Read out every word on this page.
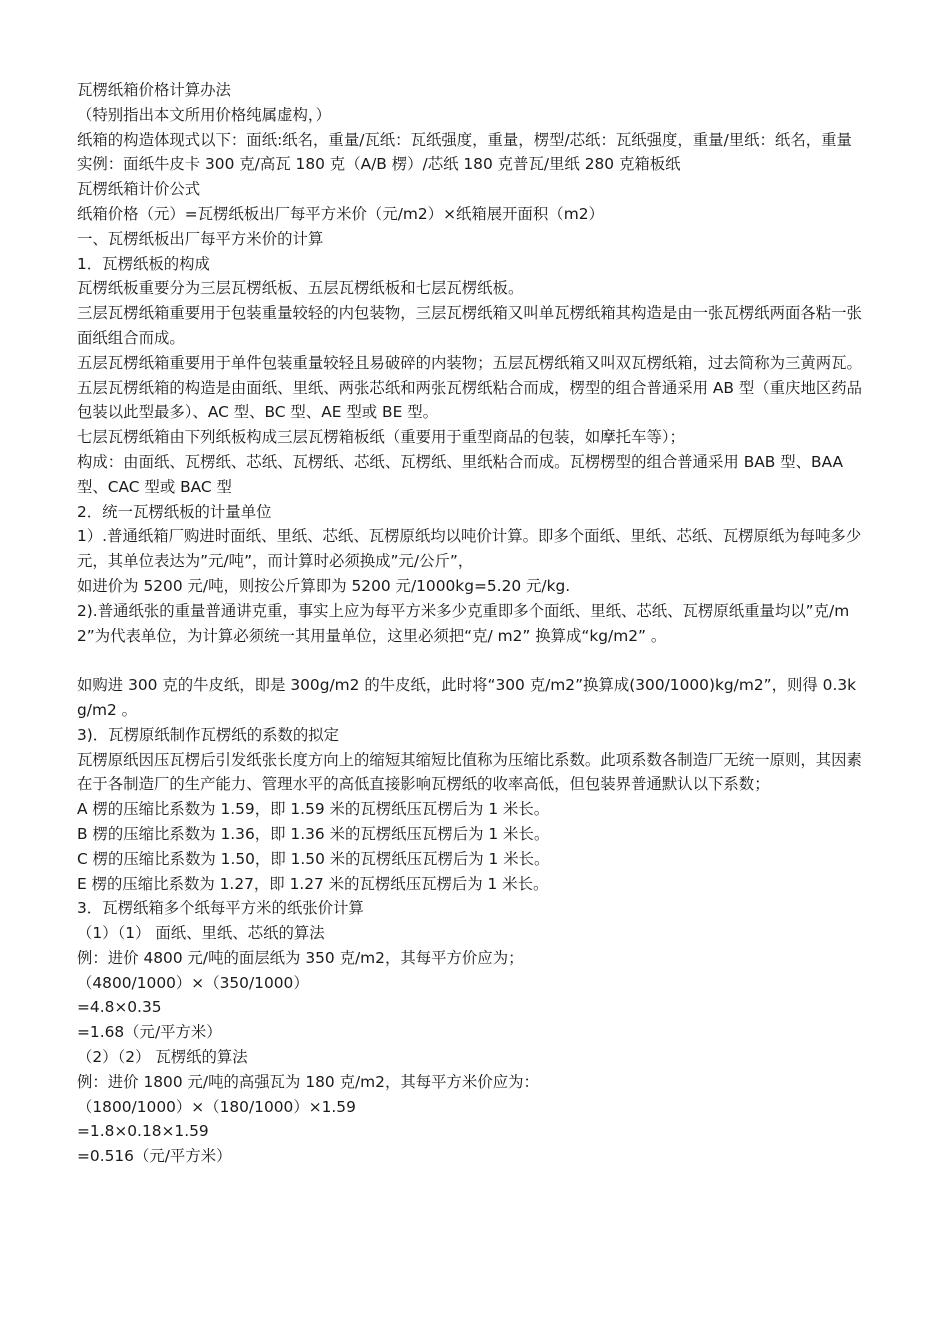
瓦楞纸箱价格计算办法

（特别指出本文所用价格纯属虚构，）

纸箱的构造体现式以下：面纸:纸名，重量/瓦纸：瓦纸强度，重量，楞型/芯纸：瓦纸强度，重量/里纸：纸名，重量

实例：面纸牛皮卡 300 克/高瓦 180 克（A/B 楞）/芯纸 180 克普瓦/里纸 280 克箱板纸

瓦楞纸箱计价公式

纸箱价格（元）=瓦楞纸板出厂每平方米价（元/m2）×纸箱展开面积（m2）

一、瓦楞纸板出厂每平方米价的计算

1．瓦楞纸板的构成

瓦楞纸板重要分为三层瓦楞纸板、五层瓦楞纸板和七层瓦楞纸板。

三层瓦楞纸箱重要用于包装重量较轻的内包装物，三层瓦楞纸箱又叫单瓦楞纸箱其构造是由一张瓦楞纸两面各粘一张面纸组合而成。

五层瓦楞纸箱重要用于单件包装重量较轻且易破碎的内装物；五层瓦楞纸箱又叫双瓦楞纸箱，过去简称为三黄两瓦。五层瓦楞纸箱的构造是由面纸、里纸、两张芯纸和两张瓦楞纸粘合而成，楞型的组合普通采用 AB 型（重庆地区药品包装以此型最多）、AC 型、BC 型、AE 型或 BE 型。

七层瓦楞纸箱由下列纸板构成三层瓦楞箱板纸（重要用于重型商品的包装，如摩托车等）；

构成：由面纸、瓦楞纸、芯纸、瓦楞纸、芯纸、瓦楞纸、里纸粘合而成。瓦楞楞型的组合普通采用 BAB 型、BAA 型、CAC 型或 BAC 型

2．统一瓦楞纸板的计量单位

1）.普通纸箱厂购进时面纸、里纸、芯纸、瓦楞原纸均以吨价计算。即多个面纸、里纸、芯纸、瓦楞原纸为每吨多少元，其单位表达为”元/吨”，而计算时必须换成”元/公斤”，

如进价为 5200 元/吨，则按公斤算即为 5200 元/1000kg=5.20 元/kg.

2).普通纸张的重量普通讲克重，事实上应为每平方米多少克重即多个面纸、里纸、芯纸、瓦楞原纸重量均以”克/m2”为代表单位，为计算必须统一其用量单位，这里必须把“克/ m2” 换算成“kg/m2” 。

如购进 300 克的牛皮纸，即是 300g/m2 的牛皮纸，此时将“300 克/m2”换算成(300/1000)kg/m2”，则得 0.3kg/m2 。

3)．瓦楞原纸制作瓦楞纸的系数的拟定

瓦楞原纸因压瓦楞后引发纸张长度方向上的缩短其缩短比值称为压缩比系数。此项系数各制造厂无统一原则，其因素在于各制造厂的生产能力、管理水平的高低直接影响瓦楞纸的收率高低，但包装界普通默认以下系数；

A 楞的压缩比系数为 1.59，即 1.59 米的瓦楞纸压瓦楞后为 1 米长。

B 楞的压缩比系数为 1.36，即 1.36 米的瓦楞纸压瓦楞后为 1 米长。

C 楞的压缩比系数为 1.50，即 1.50 米的瓦楞纸压瓦楞后为 1 米长。

E 楞的压缩比系数为 1.27，即 1.27 米的瓦楞纸压瓦楞后为 1 米长。

3．瓦楞纸箱多个纸每平方米的纸张价计算

（1）（1） 面纸、里纸、芯纸的算法

例：进价 4800 元/吨的面层纸为 350 克/m2，其每平方价应为；

（4800/1000）×（350/1000）

=4.8×0.35

=1.68（元/平方米）

（2）（2） 瓦楞纸的算法

例：进价 1800 元/吨的高强瓦为 180 克/m2，其每平方米价应为：

（1800/1000）×（180/1000）×1.59

=1.8×0.18×1.59

=0.516（元/平方米）
